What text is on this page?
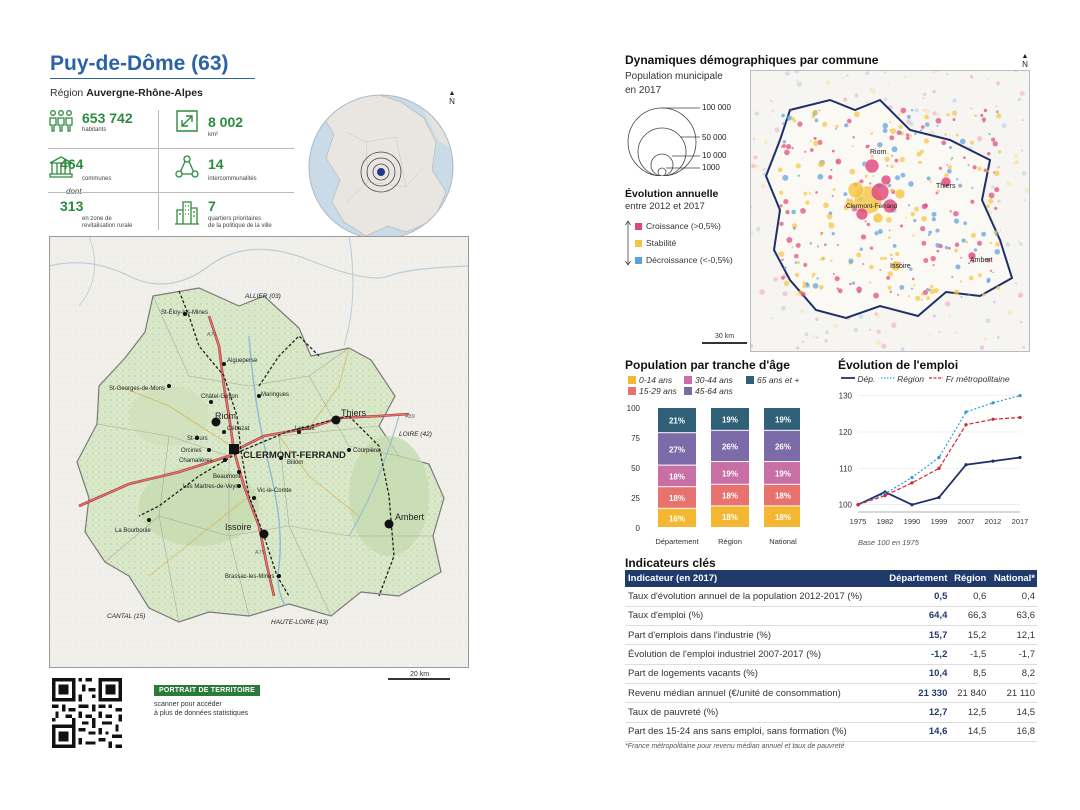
Puy-de-Dôme (63)
Région Auvergne-Rhône-Alpes
653 742
habitants	8 002
km²
464
communes
14
intercommunalités
313
en zone de
revitalisation rurale
7
quartiers prioritaires
de la politique de la ville
▲
N
ALLIER (03)
LOIRE (42)
CANTAL (15)
HAUTE-LOIRE (43)
CLERMONT-FERRAND
Riom	Thiers
Issoire
Ambert
St-Éloy-les-Mines
Aigueperse
St-Georges-de-Mons
Châtel-Guyon	Maringues
Cébazat	Lezoux
St-Ours
Orcines
Chamalières
Courpière
Billom
Beaumont
Les Martres-de-Veyre
Vic-le-Comte
La Bourboule
Brassac-les-Mines
A89
A71
A75
20 km
PORTRAIT DE TERRITOIRE
scanner pour accéder
à plus de données statistiques
Dynamiques démographiques par commune	▲
N
Population municipale
en 2017
100 000
50 000
10 000
1000
Évolution annuelle
entre 2012 et 2017
Croissance (>0,5%)
Stabilité
Décroissance (<-0,5%)
Riom
Thiers
Clermont-Ferrand
Issoire
Ambert
30 km
Population par tranche d'âge
0-14 ans
15-29 ans
30-44 ans
45-64 ans
65 ans et +
0
25
50
75
100
16%
18%
18%
27%
21%
Département
18%
18%
19%
26%
19%
Région
18%
18%
19%
26%
19%
National
Évolution de l'emploi
Dép.	Région	Fr métropolitaine
100
110
120
130
1975 1982 1990 1999 2007 2012 2017
Base 100 en 1975
Indicateurs clés
Indicateur (en 2017)	Département	Région	National*
Taux d'évolution annuel de la population 2012-2017 (%)	0,5	0,6	0,4
Taux d'emploi (%)	64,4	66,3	63,6
Part d'emplois dans l'industrie (%)	15,7	15,2	12,1
Évolution de l'emploi industriel 2007-2017 (%)	-1,2	-1,5	-1,7
Part de logements vacants (%)	10,4	8,5	8,2
Revenu médian annuel (€/unité de consommation)	21 330	21 840	21 110
Taux de pauvreté (%)	12,7	12,5	14,5
Part des 15-24 ans sans emploi, sans formation (%)	14,6	14,5	16,8
*France métropolitaine pour revenu médian annuel et taux de pauvreté
